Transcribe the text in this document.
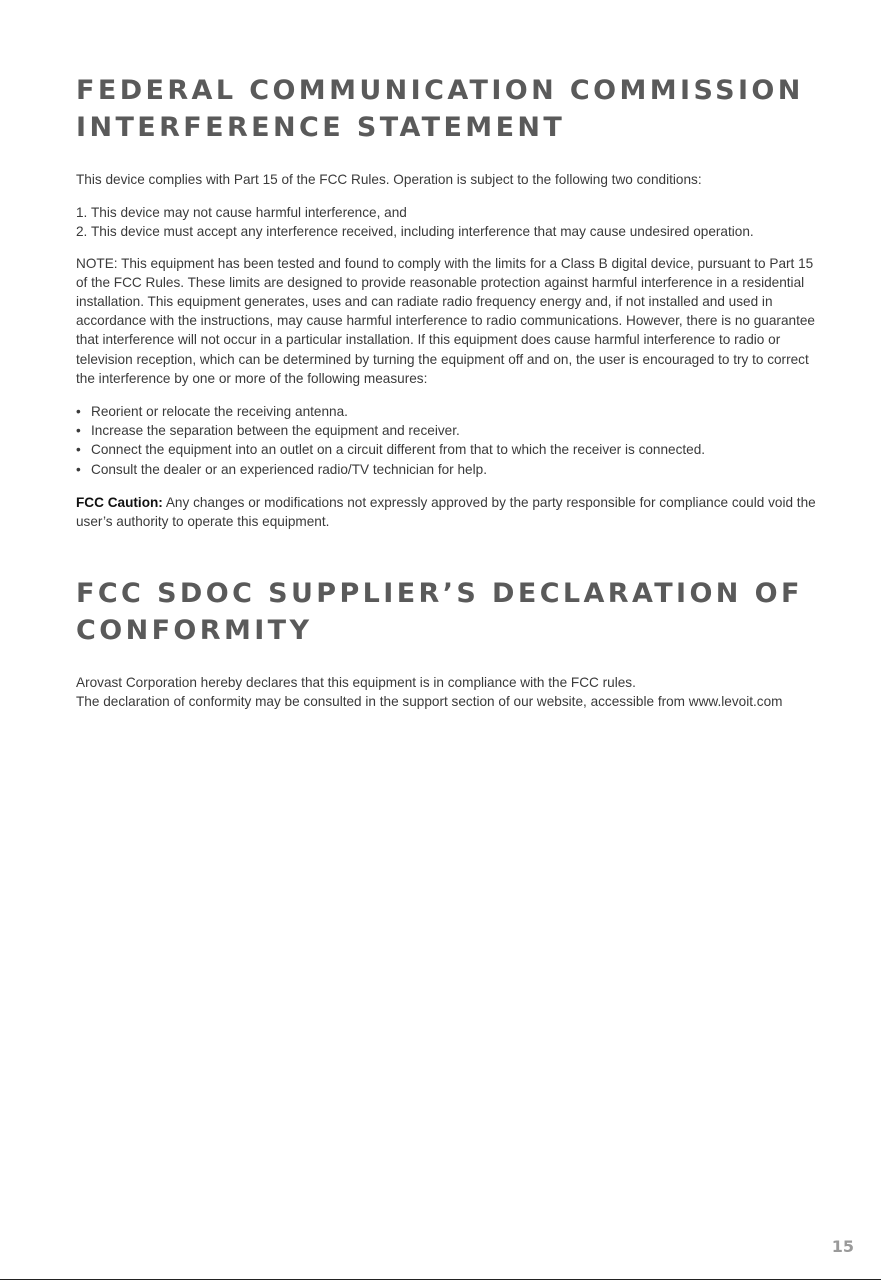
FEDERAL COMMUNICATION COMMISSION
INTERFERENCE STATEMENT

This device complies with Part 15 of the FCC Rules. Operation is subject to the following two conditions:

1. This device may not cause harmful interference, and
2. This device must accept any interference received, including interference that may cause undesired operation.

NOTE: This equipment has been tested and found to comply with the limits for a Class B digital device, pursuant to Part 15 of the FCC Rules. These limits are designed to provide reasonable protection against harmful interference in a residential installation. This equipment generates, uses and can radiate radio frequency energy and, if not installed and used in accordance with the instructions, may cause harmful interference to radio communications. However, there is no guarantee that interference will not occur in a particular installation. If this equipment does cause harmful interference to radio or television reception, which can be determined by turning the equipment off and on, the user is encouraged to try to correct the interference by one or more of the following measures:

• Reorient or relocate the receiving antenna.
• Increase the separation between the equipment and receiver.
• Connect the equipment into an outlet on a circuit different from that to which the receiver is connected.
• Consult the dealer or an experienced radio/TV technician for help.

FCC Caution: Any changes or modifications not expressly approved by the party responsible for compliance could void the user’s authority to operate this equipment.

FCC SDOC SUPPLIER’S DECLARATION OF
CONFORMITY

Arovast Corporation hereby declares that this equipment is in compliance with the FCC rules.
The declaration of conformity may be consulted in the support section of our website, accessible from www.levoit.com

15
